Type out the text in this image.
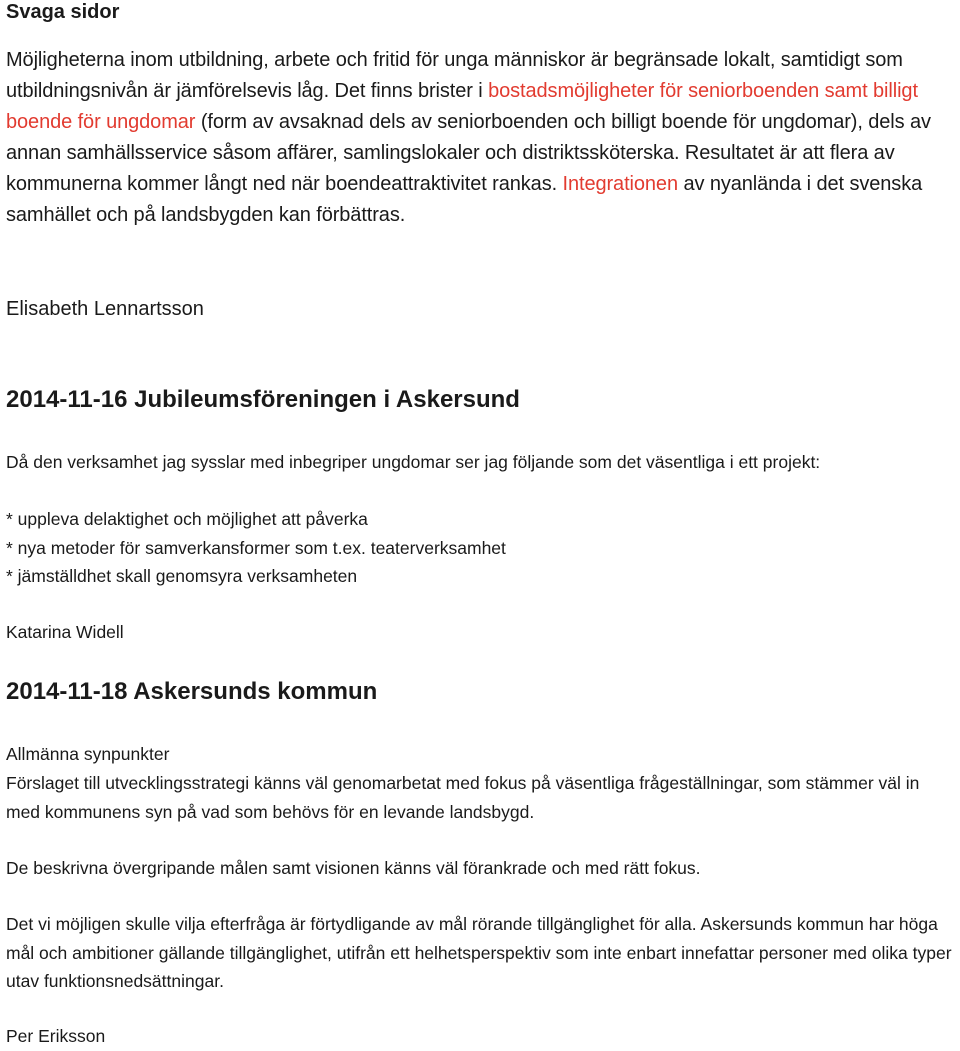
Svaga sidor

Möjligheterna inom utbildning, arbete och fritid för unga människor är begränsade lokalt, samtidigt som utbildningsnivån är jämförelsevis låg. Det finns brister i bostadsmöjligheter för seniorboenden samt billigt boende för ungdomar (form av avsaknad dels av seniorboenden och billigt boende för ungdomar), dels av annan samhällsservice såsom affärer, samlingslokaler och distriktssköterska. Resultatet är att flera av kommunerna kommer långt ned när boendeattraktivitet rankas. Integrationen av nyanlända i det svenska samhället och på landsbygden kan förbättras.

Elisabeth Lennartsson
2014-11-16 Jubileumsföreningen i Askersund

Då den verksamhet jag sysslar med inbegriper ungdomar ser jag följande som det väsentliga i ett projekt:

* uppleva delaktighet och möjlighet att påverka
* nya metoder för samverkansformer som t.ex. teaterverksamhet
* jämställdhet skall genomsyra verksamheten
Katarina Widell
2014-11-18 Askersunds kommun
Allmänna synpunkter

Förslaget till utvecklingsstrategi känns väl genomarbetat med fokus på väsentliga frågeställningar, som stämmer väl in med kommunens syn på vad som behövs för en levande landsbygd.

De beskrivna övergripande målen samt visionen känns väl förankrade och med rätt fokus.

Det vi möjligen skulle vilja efterfråga är förtydligande av mål rörande tillgänglighet för alla. Askersunds kommun har höga mål och ambitioner gällande tillgänglighet, utifrån ett helhetsperspektiv som inte enbart innefattar personer med olika typer utav funktionsnedsättningar.

Per Eriksson
